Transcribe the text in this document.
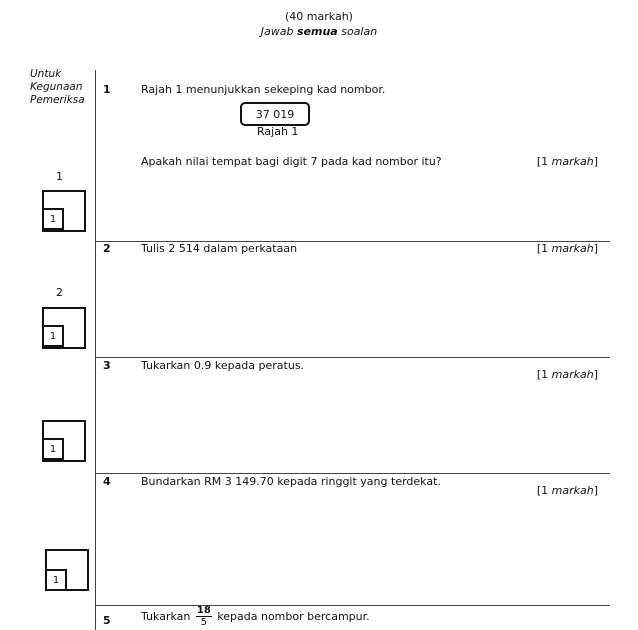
(40 markah)
Jawab semua soalan
Untuk
Kegunaan
Pemeriksa
1	Rajah 1 menunjukkan sekeping kad nombor.
37 019
Rajah 1
Apakah nilai tempat bagi digit 7 pada kad nombor itu?	[1 markah]
1
1
2	Tulis 2 514 dalam perkataan	[1 markah]
2
1
3	Tukarkan 0.9 kepada peratus.
[1 markah]
1
4	Bundarkan RM 3 149.70 kepada ringgit yang terdekat.
[1 markah]
1
5	Tukarkan $\frac{18}{5}$ kepada nombor bercampur.
